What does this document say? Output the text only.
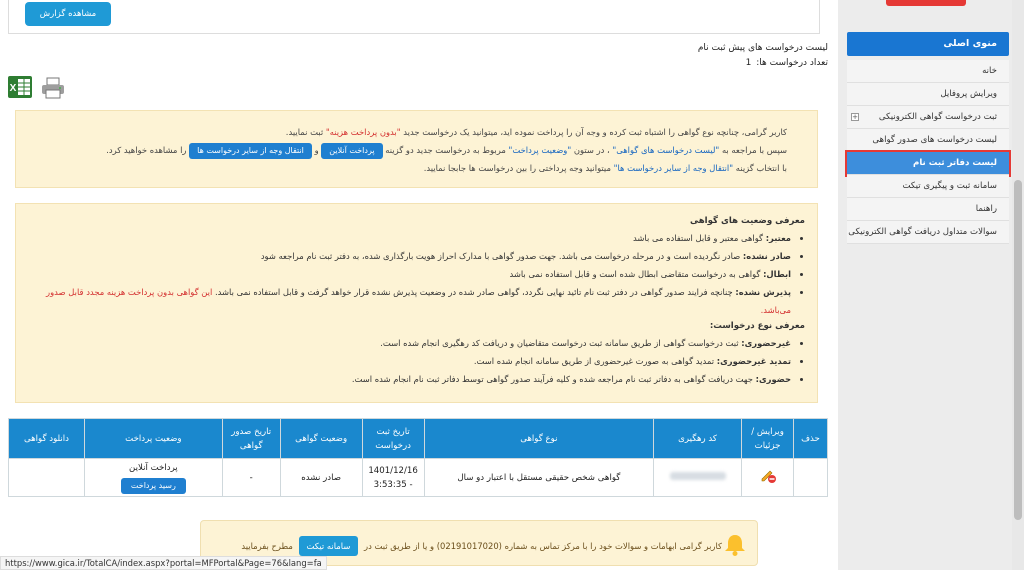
منوی اصلی
خانه
ویرایش پروفایل
ثبت درخواست گواهی الکترونیکی
+
لیست درخواست های صدور گواهی
لیست دفاتر ثبت نام
سامانه ثبت و پیگیری تیکت
راهنما
سوالات متداول دریافت گواهی الکترونیکی
مشاهده گزارش
لیست درخواست های پیش ثبت نام
تعداد درخواست ها: 1
X
کاربر گرامی، چنانچه نوع گواهی را اشتباه ثبت کرده و وجه آن را پرداخت نموده اید، میتوانید یک درخواست جدید "بدون پرداخت هزینه" ثبت نمایید.
سپس با مراجعه به "لیست درخواست های گواهی" ، در ستون "وضعیت پرداخت" مربوط به درخواست جدید دو گزینه پرداخت آنلاین و انتقال وجه از سایر درخواست ها را مشاهده خواهید کرد.
با انتخاب گزینه "انتقال وجه از سایر درخواست ها" میتوانید وجه پرداختی را بین درخواست ها جابجا نمایید.
معرفی وضعیت های گواهی
• معتبر: گواهی معتبر و قابل استفاده می باشد
• صادر نشده: صادر نگردیده است و در مرحله درخواست می باشد. جهت صدور گواهی با مدارک احراز هویت بارگذاری شده، به دفتر ثبت نام مراجعه شود
• ابطال: گواهی به درخواست متقاضی ابطال شده است و قابل استفاده نمی باشد
• پذیرش نشده: چنانچه فرایند صدور گواهی در دفتر ثبت نام تائید نهایی نگردد، گواهی صادر شده در وضعیت پذیرش نشده قرار خواهد گرفت و قابل استفاده نمی باشد. این گواهی بدون پرداخت هزینه مجدد قابل صدور می‌باشد.
معرفی نوع درخواست:
• غیرحضوری: ثبت درخواست گواهی از طریق سامانه ثبت درخواست متقاضیان و دریافت کد رهگیری انجام شده است.
• تمدید غیرحضوری: تمدید گواهی به صورت غیرحضوری از طریق سامانه انجام شده است.
• حضوری: جهت دریافت گواهی به دفاتر ثبت نام مراجعه شده و کلیه فرآیند صدور گواهی توسط دفاتر ثبت نام انجام شده است.
حذف	ویرایش / جزئیات	کد رهگیری	نوع گواهی	تاریخ ثبت درخواست	وضعیت گواهی	تاریخ صدور گواهی	وضعیت پرداخت	دانلود گواهی
			گواهی شخص حقیقی مستقل با اعتبار دو سال	1401/12/16 - 3:53:35	صادر نشده	-	پرداخت آنلاین
رسید پرداخت	
کاربر گرامی ابهامات و سوالات خود را با مرکز تماس به شماره (02191017020) و یا از طریق ثبت در سامانه تیکت مطرح بفرمایید
https://www.gica.ir/TotalCA/index.aspx?portal=MFPortal&Page=76&lang=fa
